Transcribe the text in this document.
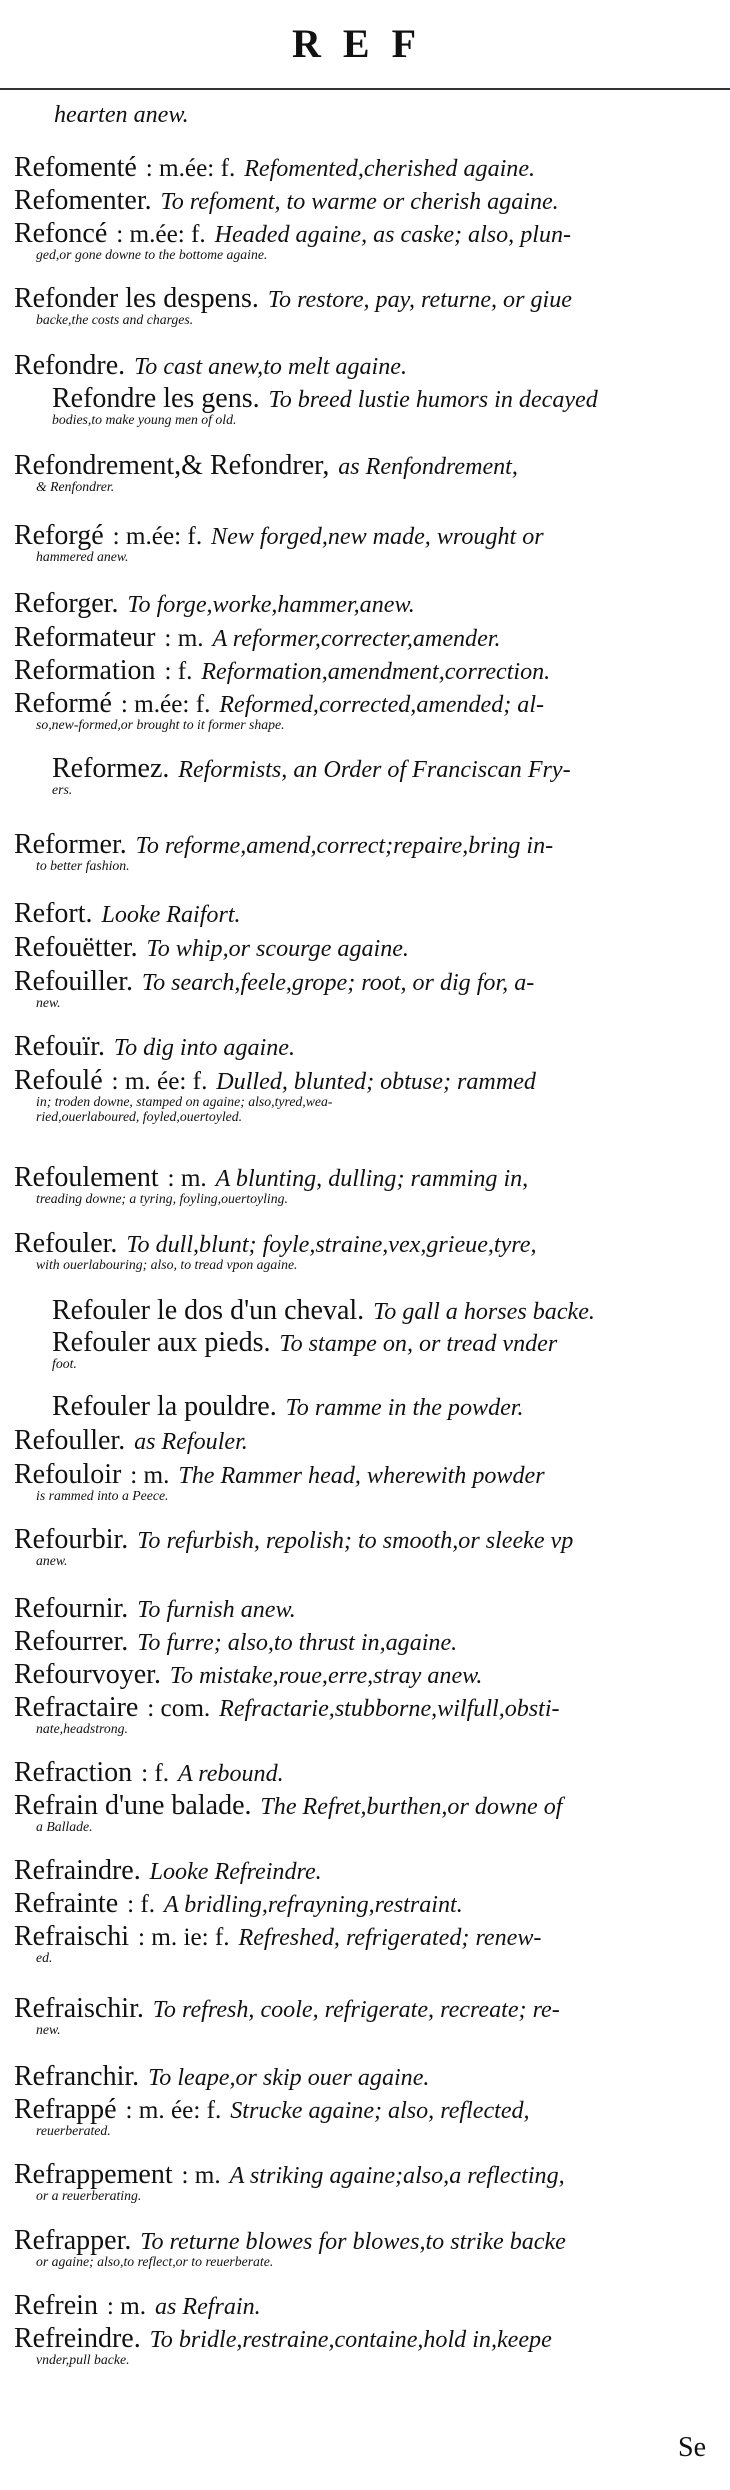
REF
hearten anew.
Refomenté : m.ée: f. Refomented,cherished againe.
Refomenter. To refoment, to warme or cherish againe.
Refoncé : m.ée: f. Headed againe, as caske; also, plun-
ged,or gone downe to the bottome againe.
Refonder les despens. To restore, pay, returne, or giue
backe,the costs and charges.
Refondre. To cast anew,to melt againe.
Refondre les gens. To breed lustie humors in decayed
bodies,to make young men of old.
Refondrement,& Refondrer, as Renfondrement,
& Renfondrer.
Reforgé : m.ée: f. New forged,new made, wrought or
hammered anew.
Reforger. To forge,worke,hammer,anew.
Reformateur : m. A reformer,correcter,amender.
Reformation : f. Reformation,amendment,correction.
Reformé : m.ée: f. Reformed,corrected,amended; al-
so,new-formed,or brought to it former shape.
Reformez. Reformists, an Order of Franciscan Fry-
ers.
Reformer. To reforme,amend,correct;repaire,bring in-
to better fashion.
Refort. Looke Raifort.
Refouëtter. To whip,or scourge againe.
Refouiller. To search,feele,grope; root, or dig for, a-
new.
Refouïr. To dig into againe.
Refoulé : m. ée: f. Dulled, blunted; obtuse; rammed
in; troden downe, stamped on againe; also,tyred,wea-
ried,ouerlaboured, foyled,ouertoyled.
Refoulement : m. A blunting, dulling; ramming in,
treading downe; a tyring, foyling,ouertoyling.
Refouler. To dull,blunt; foyle,straine,vex,grieue,tyre,
with ouerlabouring; also, to tread vpon againe.
Refouler le dos d'un cheval. To gall a horses backe.
Refouler aux pieds. To stampe on, or tread vnder
foot.
Refouler la pouldre. To ramme in the powder.
Refouller. as Refouler.
Refouloir : m. The Rammer head, wherewith powder
is rammed into a Peece.
Refourbir. To refurbish, repolish; to smooth,or sleeke vp
anew.
Refournir. To furnish anew.
Refourrer. To furre; also,to thrust in,againe.
Refourvoyer. To mistake,roue,erre,stray anew.
Refractaire : com. Refractarie,stubborne,wilfull,obsti-
nate,headstrong.
Refraction : f. A rebound.
Refrain d'une balade. The Refret,burthen,or downe of
a Ballade.
Refraindre. Looke Refreindre.
Refrainte : f. A bridling,refrayning,restraint.
Refraischi : m. ie: f. Refreshed, refrigerated; renew-
ed.
Refraischir. To refresh, coole, refrigerate, recreate; re-
new.
Refranchir. To leape,or skip ouer againe.
Refrappé : m. ée: f. Strucke againe; also, reflected,
reuerberated.
Refrappement : m. A striking againe;also,a reflecting,
or a reuerberating.
Refrapper. To returne blowes for blowes,to strike backe
or againe; also,to reflect,or to reuerberate.
Refrein : m. as Refrain.
Refreindre. To bridle,restraine,containe,hold in,keepe
vnder,pull backe.
Se
